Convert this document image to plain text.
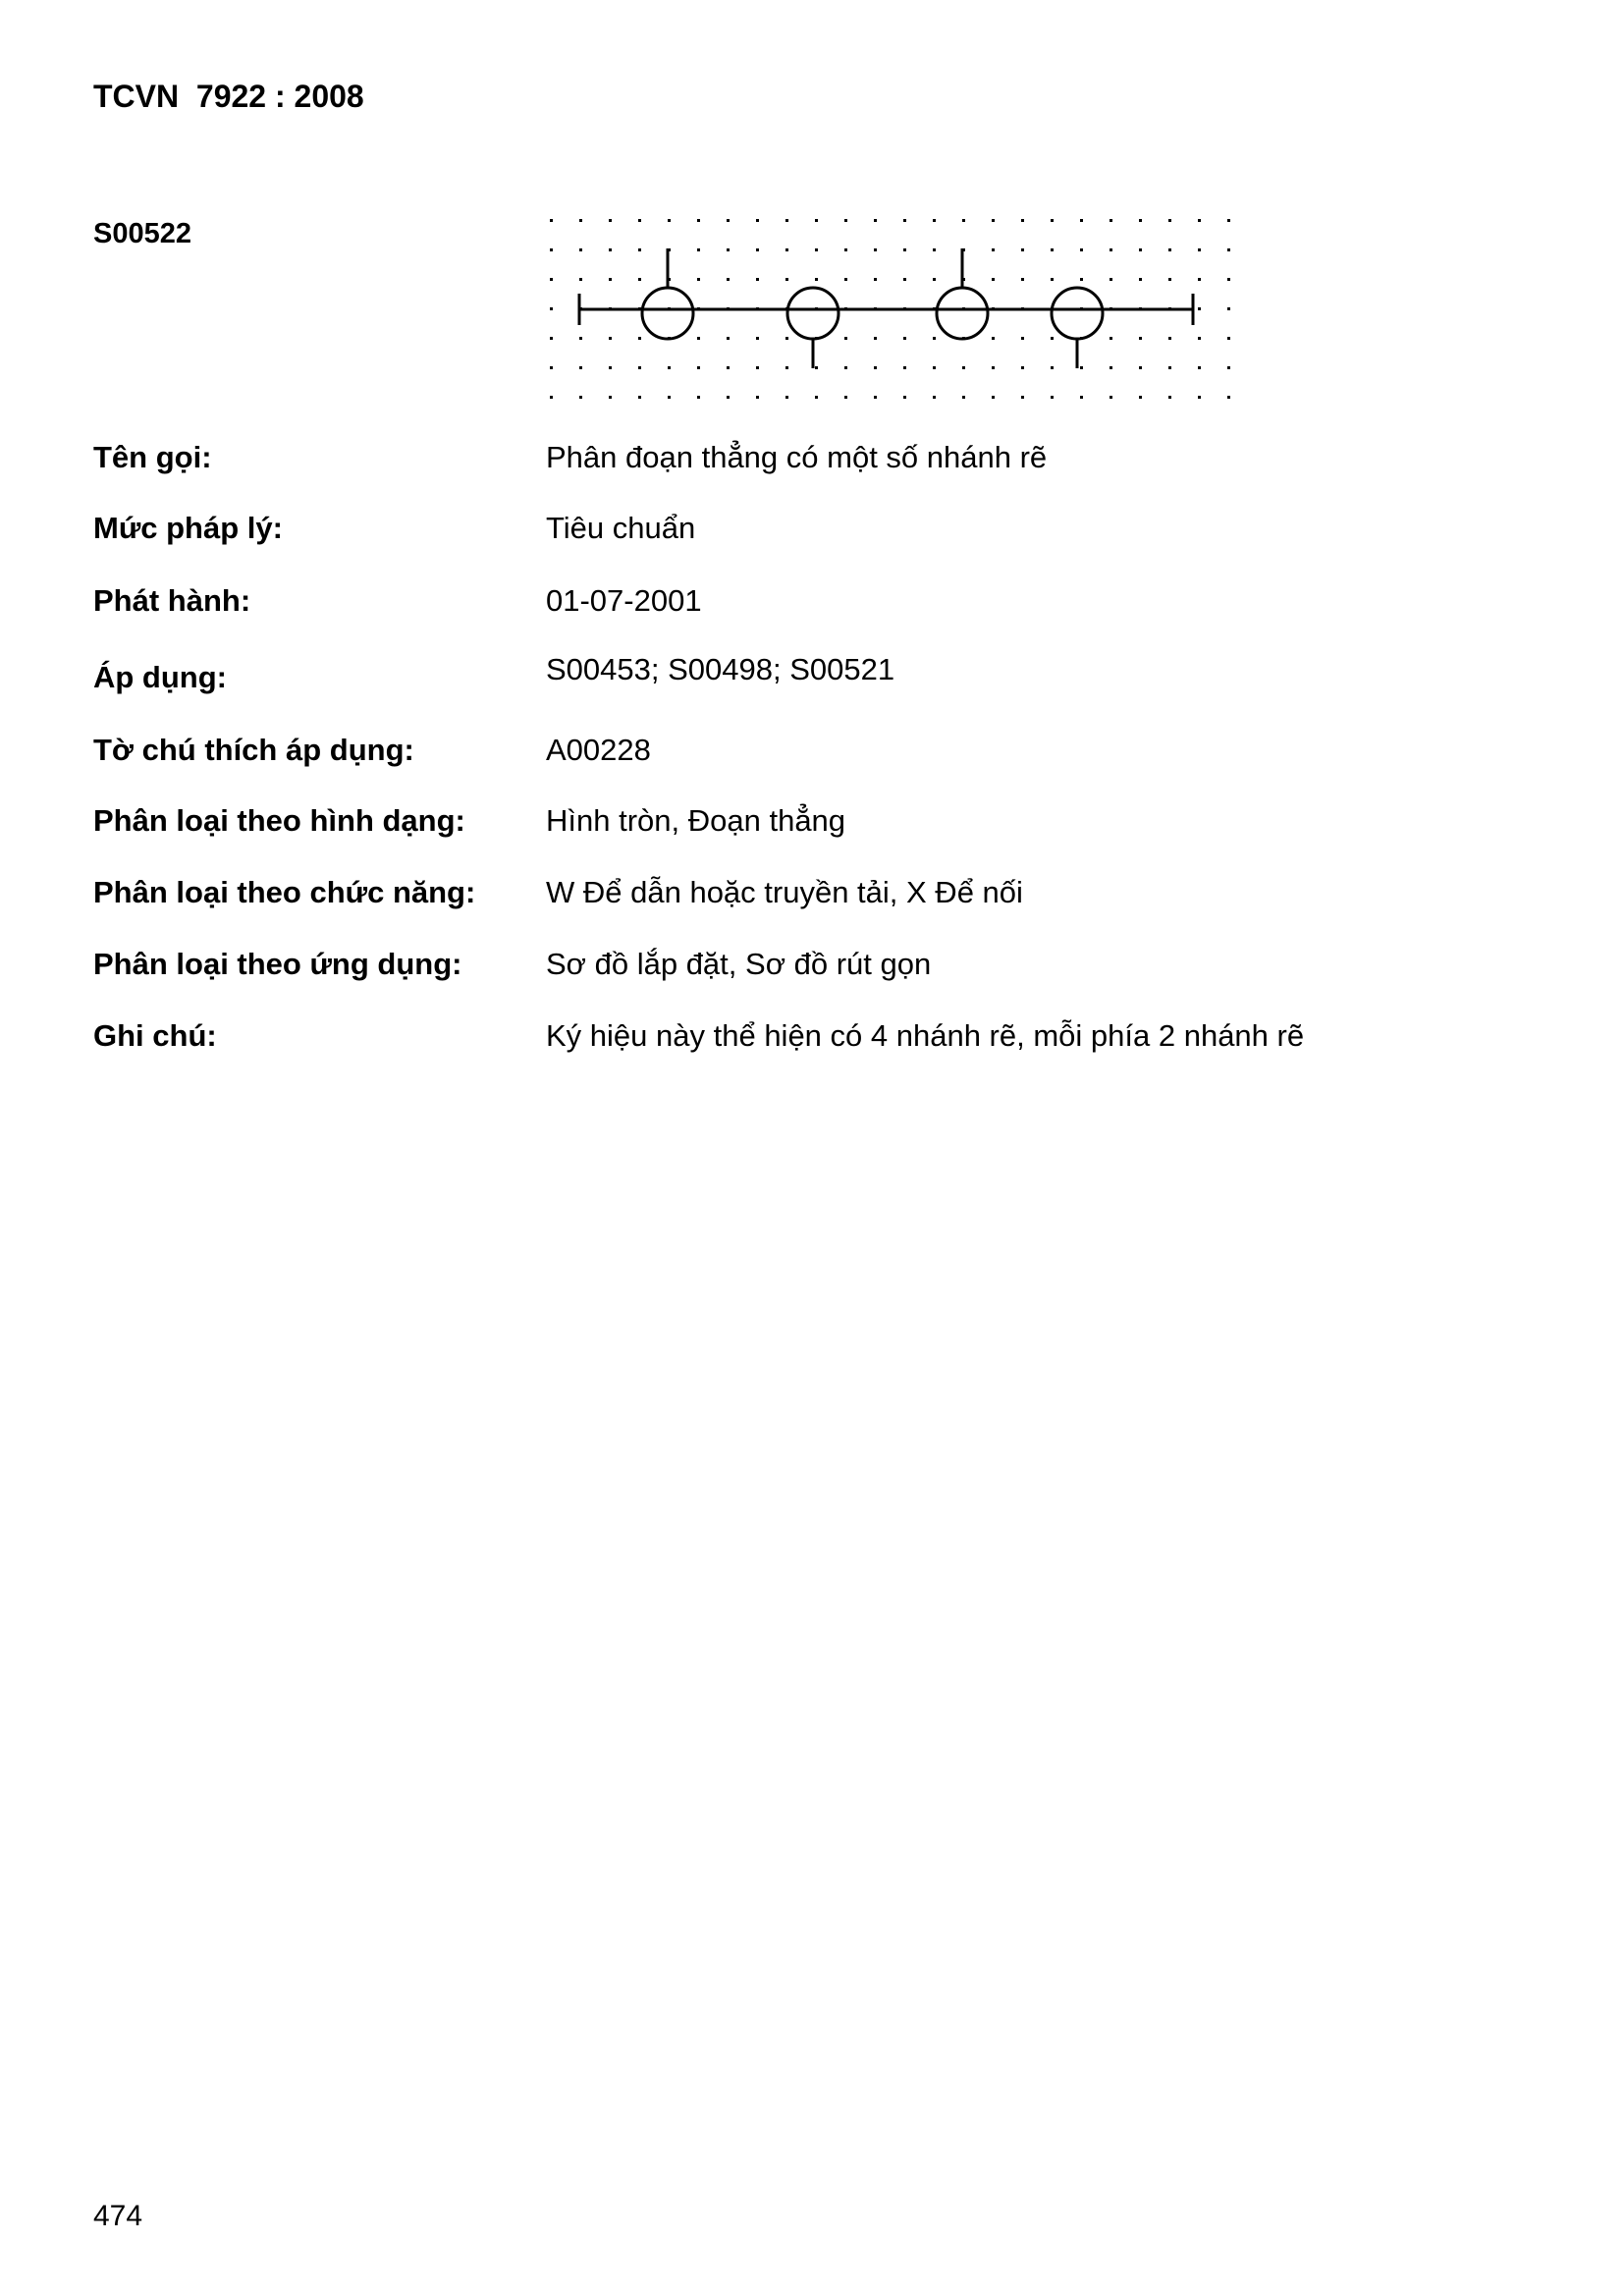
TCVN  7922 : 2008
S00522
Tên gọi:	Phân đoạn thẳng có một số nhánh rẽ
Mức pháp lý:	Tiêu chuẩn
Phát hành:	01-07-2001
Áp dụng:	S00453; S00498; S00521
Tờ chú thích áp dụng:	A00228
Phân loại theo hình dạng:	Hình tròn, Đoạn thẳng
Phân loại theo chức năng: W Để dẫn hoặc truyền tải, X Để nối
Phân loại theo ứng dụng:	Sơ đồ lắp đặt, Sơ đồ rút gọn
Ghi chú:	Ký hiệu này thể hiện có 4 nhánh rẽ, mỗi phía 2 nhánh rẽ
474
